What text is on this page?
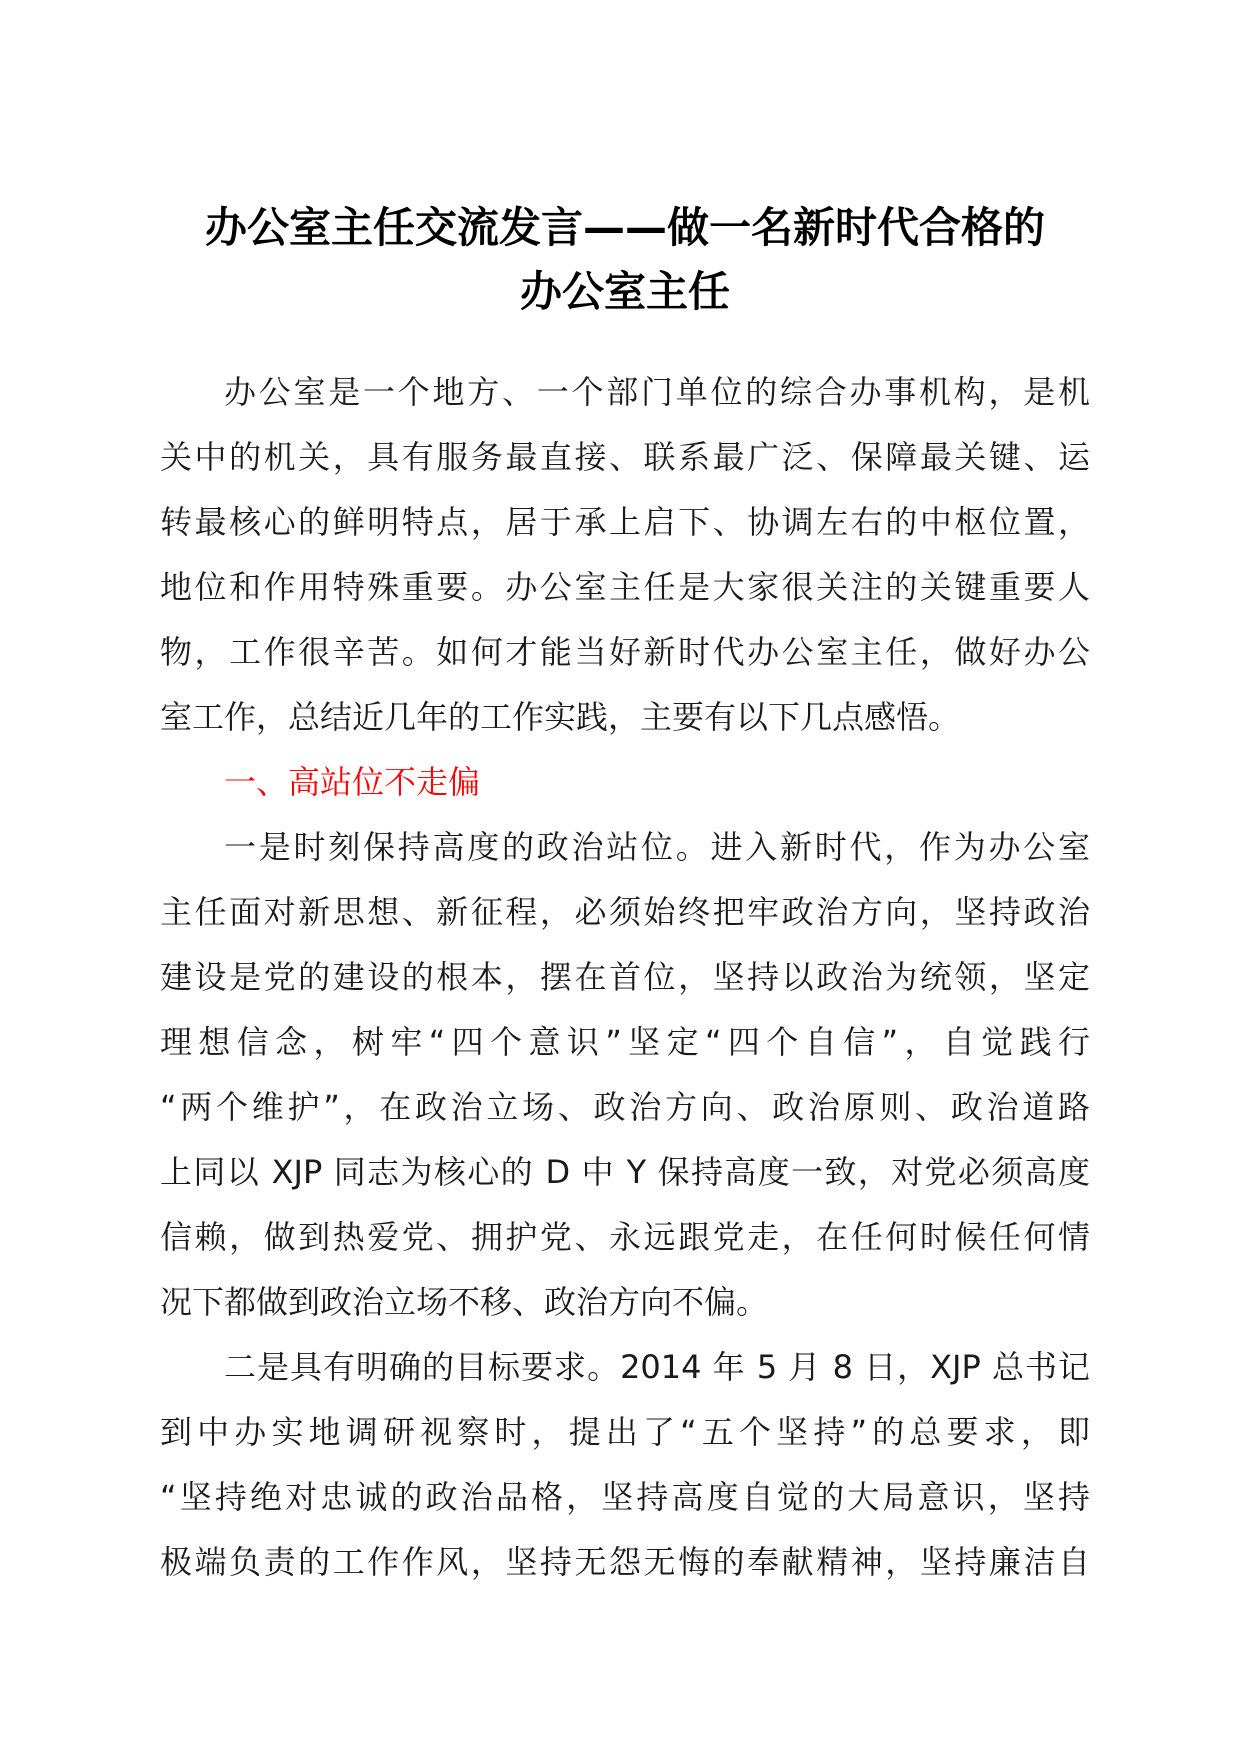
办公室主任交流发言——做一名新时代合格的
办公室主任
办公室是一个地方、一个部门单位的综合办事机构，是机
关中的机关，具有服务最直接、联系最广泛、保障最关键、运
转最核心的鲜明特点，居于承上启下、协调左右的中枢位置，
地位和作用特殊重要。办公室主任是大家很关注的关键重要人
物，工作很辛苦。如何才能当好新时代办公室主任，做好办公
室工作，总结近几年的工作实践，主要有以下几点感悟。
一、高站位不走偏
一是时刻保持高度的政治站位。进入新时代，作为办公室
主任面对新思想、新征程，必须始终把牢政治方向，坚持政治
建设是党的建设的根本，摆在首位，坚持以政治为统领，坚定
理想信念，树牢“四个意识”坚定“四个自信”，自觉践行
“两个维护”，在政治立场、政治方向、政治原则、政治道路
上同以 XJP 同志为核心的 D 中 Y 保持高度一致，对党必须高度
信赖，做到热爱党、拥护党、永远跟党走，在任何时候任何情
况下都做到政治立场不移、政治方向不偏。
二是具有明确的目标要求。2014 年 5 月 8 日，XJP 总书记
到中办实地调研视察时，提出了“五个坚持”的总要求，即
“坚持绝对忠诚的政治品格，坚持高度自觉的大局意识，坚持
极端负责的工作作风，坚持无怨无悔的奉献精神，坚持廉洁自
